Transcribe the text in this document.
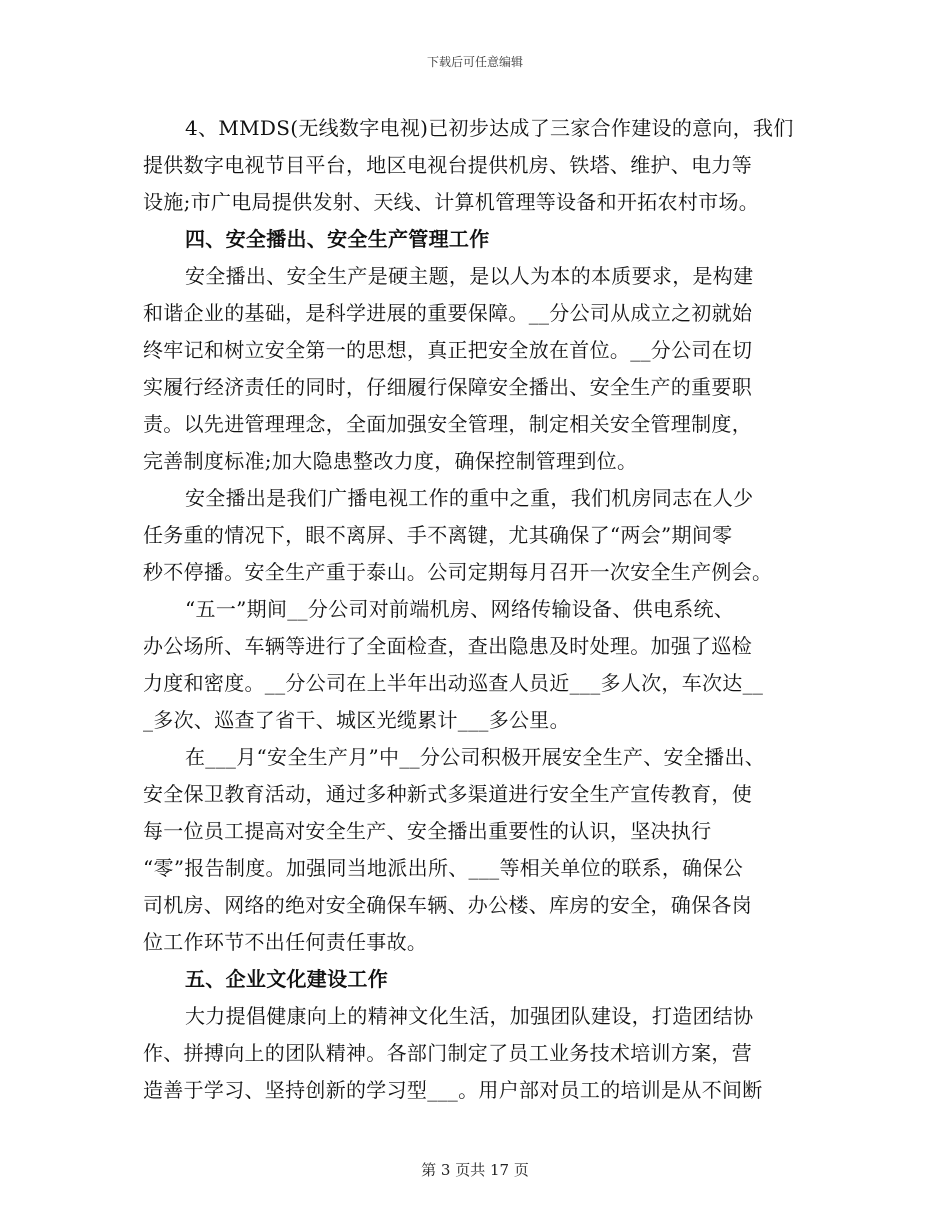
下载后可任意编辑
4、MMDS(无线数字电视)已初步达成了三家合作建设的意向，我们
提供数字电视节目平台，地区电视台提供机房、铁塔、维护、电力等
设施;市广电局提供发射、天线、计算机管理等设备和开拓农村市场。
四、安全播出、安全生产管理工作
安全播出、安全生产是硬主题，是以人为本的本质要求，是构建
和谐企业的基础，是科学进展的重要保障。__分公司从成立之初就始
终牢记和树立安全第一的思想，真正把安全放在首位。__分公司在切
实履行经济责任的同时，仔细履行保障安全播出、安全生产的重要职
责。以先进管理理念，全面加强安全管理，制定相关安全管理制度，
完善制度标准;加大隐患整改力度，确保控制管理到位。
安全播出是我们广播电视工作的重中之重，我们机房同志在人少
任务重的情况下，眼不离屏、手不离键，尤其确保了“两会”期间零
秒不停播。安全生产重于泰山。公司定期每月召开一次安全生产例会。
“五一”期间__分公司对前端机房、网络传输设备、供电系统、
办公场所、车辆等进行了全面检查，查出隐患及时处理。加强了巡检
力度和密度。__分公司在上半年出动巡查人员近___多人次，车次达__
_多次、巡查了省干、城区光缆累计___多公里。
在___月“安全生产月”中__分公司积极开展安全生产、安全播出、
安全保卫教育活动，通过多种新式多渠道进行安全生产宣传教育，使
每一位员工提高对安全生产、安全播出重要性的认识，坚决执行
“零”报告制度。加强同当地派出所、___等相关单位的联系，确保公
司机房、网络的绝对安全确保车辆、办公楼、库房的安全，确保各岗
位工作环节不出任何责任事故。
五、企业文化建设工作
大力提倡健康向上的精神文化生活，加强团队建设，打造团结协
作、拼搏向上的团队精神。各部门制定了员工业务技术培训方案，营
造善于学习、坚持创新的学习型___。用户部对员工的培训是从不间断
第 3 页共 17 页
